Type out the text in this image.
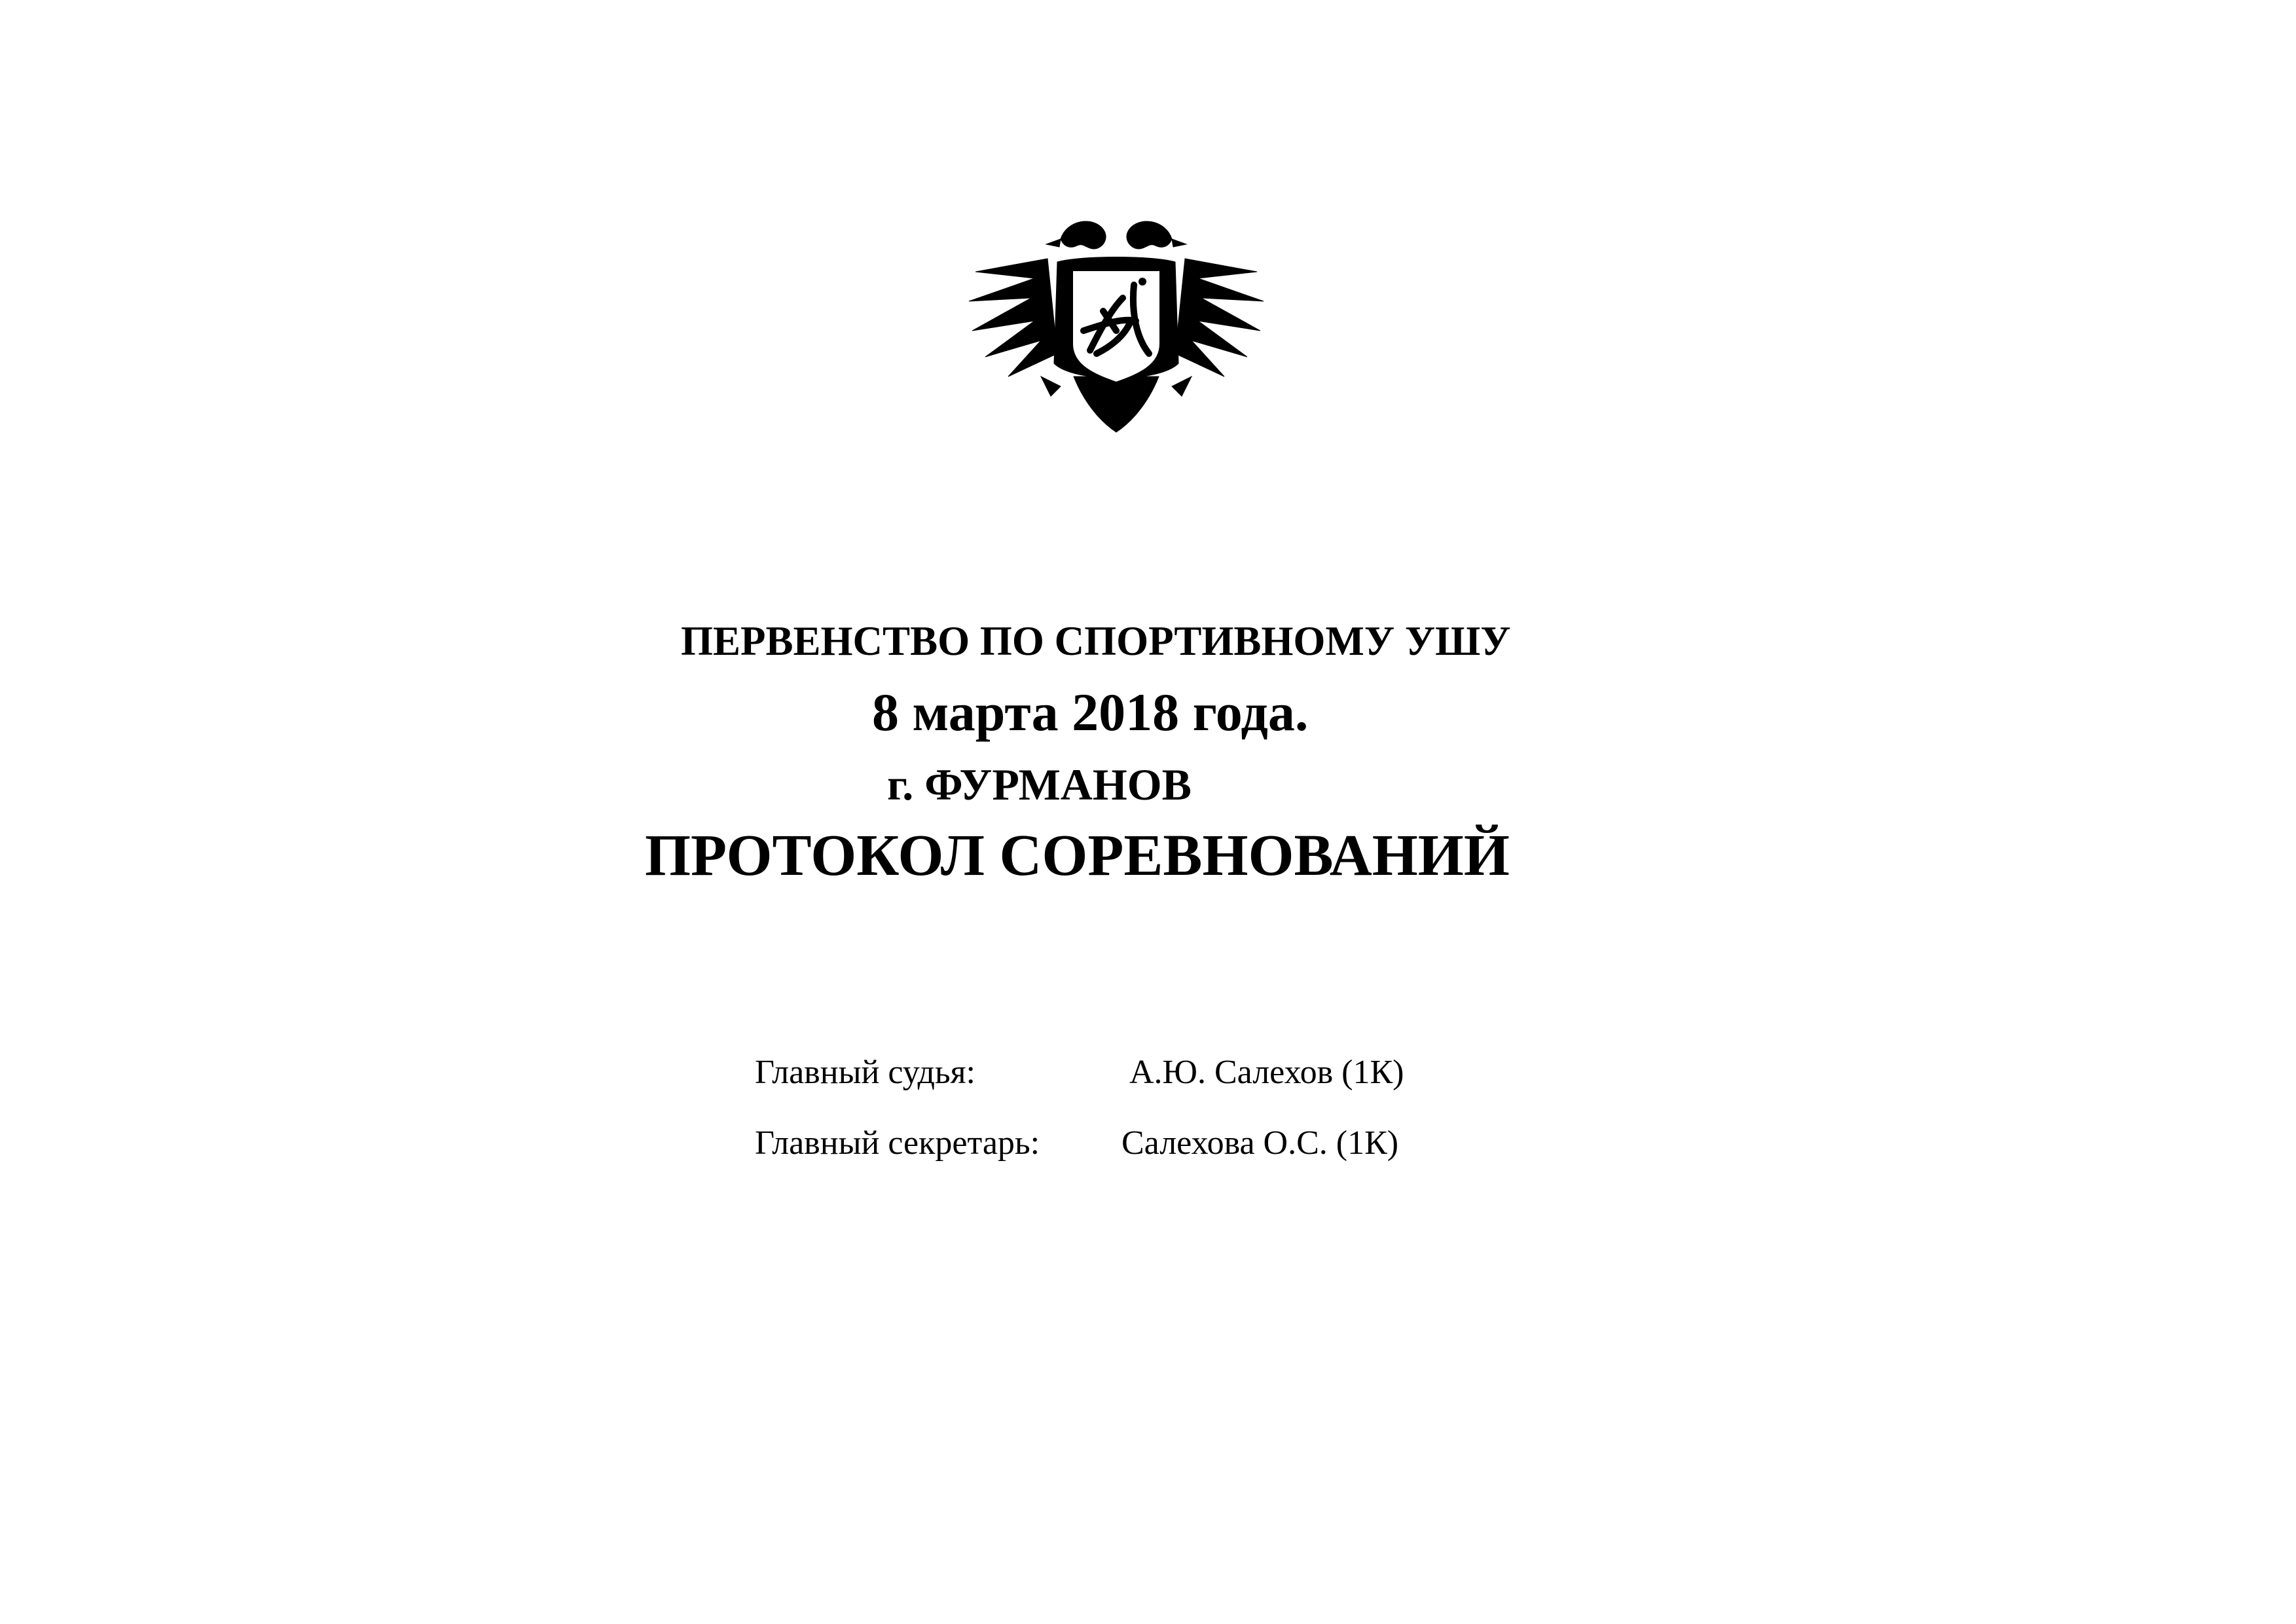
ПЕРВЕНСТВО ПО СПОРТИВНОМУ УШУ
8 марта 2018 года.
г. ФУРМАНОВ
ПРОТОКОЛ СОРЕВНОВАНИЙ
Главный судья:	А.Ю. Салехов (1К)
Главный секретарь: Салехова О.С. (1К)
